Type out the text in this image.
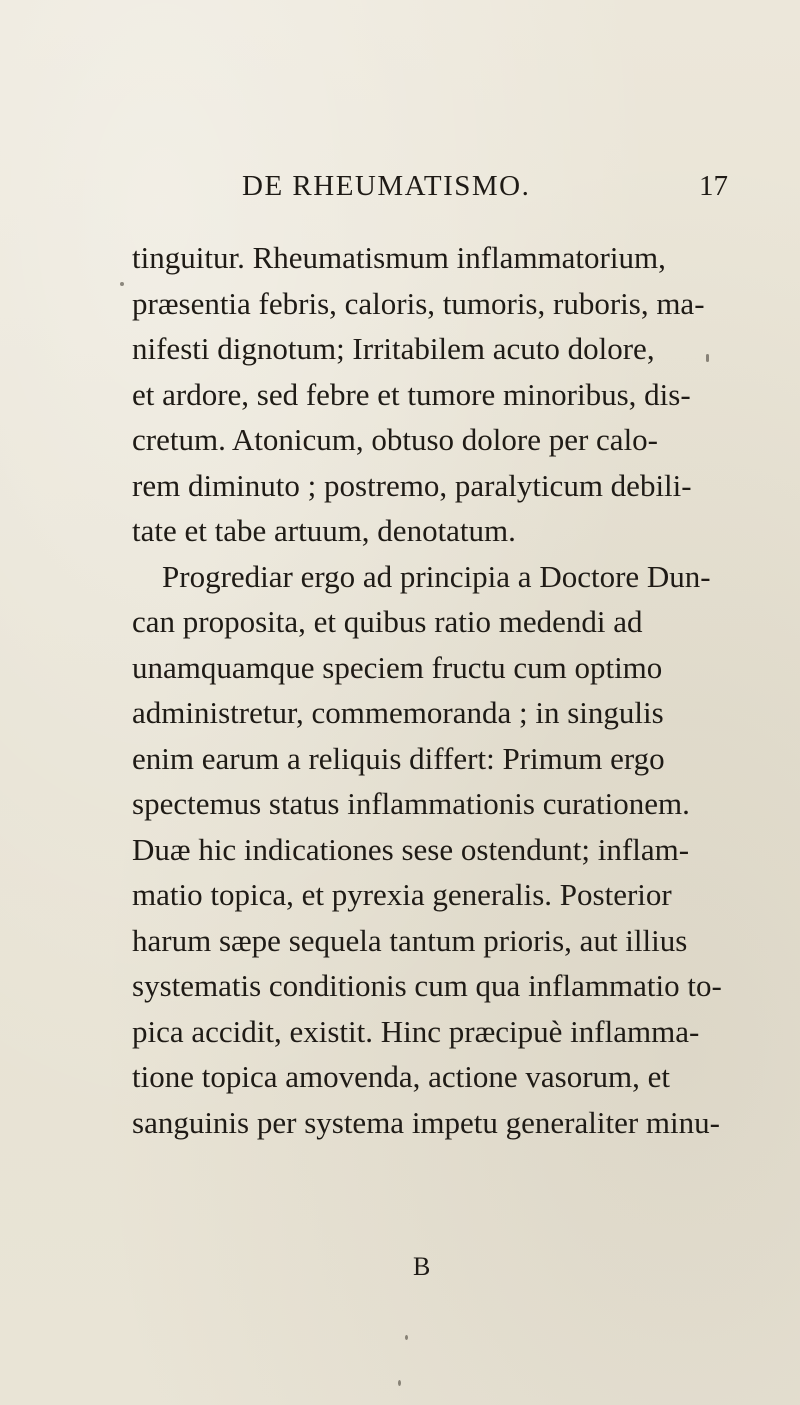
DE RHEUMATISMO.	17
tinguitur. Rheumatismum inflammatorium,
præsentia febris, caloris, tumoris, ruboris, ma-
nifesti dignotum; Irritabilem acuto dolore,
et ardore, sed febre et tumore minoribus, dis-
cretum. Atonicum, obtuso dolore per calo-
rem diminuto ; postremo, paralyticum debili-
tate et tabe artuum, denotatum.
Progrediar ergo ad principia a Doctore Dun-
can proposita, et quibus ratio medendi ad
unamquamque speciem fructu cum optimo
administretur, commemoranda ; in singulis
enim earum a reliquis differt: Primum ergo
spectemus status inflammationis curationem.
Duæ hic indicationes sese ostendunt; inflam-
matio topica, et pyrexia generalis. Posterior
harum sæpe sequela tantum prioris, aut illius
systematis conditionis cum qua inflammatio to-
pica accidit, existit. Hinc præcipuè inflamma-
tione topica amovenda, actione vasorum, et
sanguinis per systema impetu generaliter minu-
B
